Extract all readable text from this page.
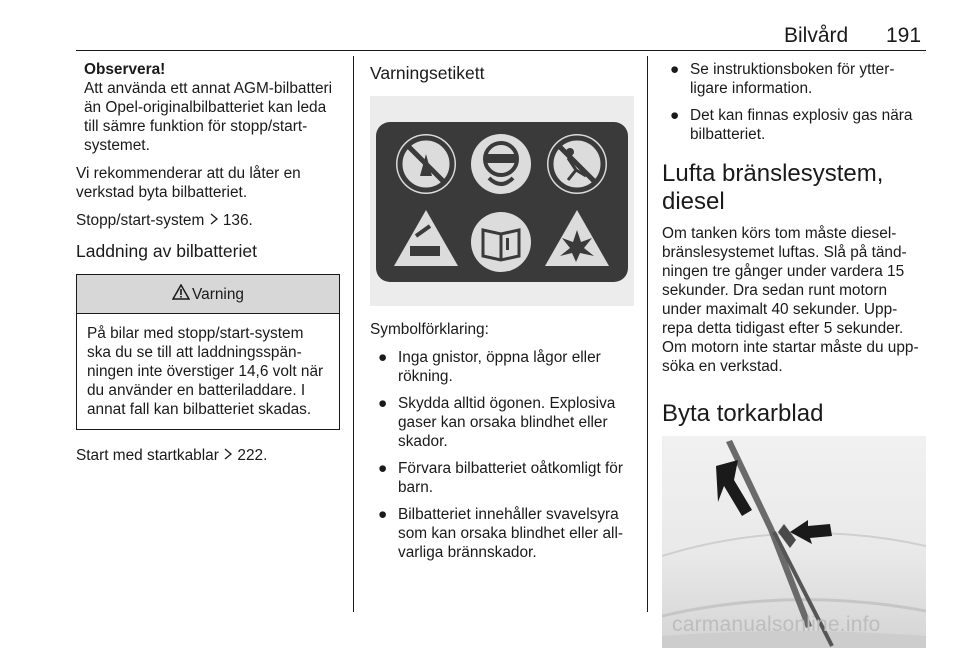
Bilvård 191
Observera!
Att använda ett annat AGM-bilbatteri än Opel-originalbilbatteriet kan leda till sämre funktion för stopp/start-systemet.

Vi rekommenderar att du låter en verkstad byta bilbatteriet.

Stopp/start-system 136.

Laddning av bilbatteriet
Varning
På bilar med stopp/start-system ska du se till att laddningsspän-ningen inte överstiger 14,6 volt när du använder en batteriladdare. I annat fall kan bilbatteriet skadas.

Start med startkablar 222.

Varningsetikett

Symbolförklaring:

● Inga gnistor, öppna lågor eller rökning.
● Skydda alltid ögonen. Explosiva gaser kan orsaka blindhet eller skador.
● Förvara bilbatteriet oåtkomligt för barn.
● Bilbatteriet innehåller svavelsyra som kan orsaka blindhet eller all-varliga brännskador.
● Se instruktionsboken för ytter-ligare information.
● Det kan finnas explosiv gas nära bilbatteriet.
Lufta bränslesystem, diesel

Om tanken körs tom måste diesel-bränslesystemet luftas. Slå på tänd-ningen tre gånger under vardera 15 sekunder. Dra sedan runt motorn under maximalt 40 sekunder. Upp-repa detta tidigast efter 5 sekunder. Om motorn inte startar måste du upp-söka en verkstad.

Byta torkarblad
carmanualsonline.info
